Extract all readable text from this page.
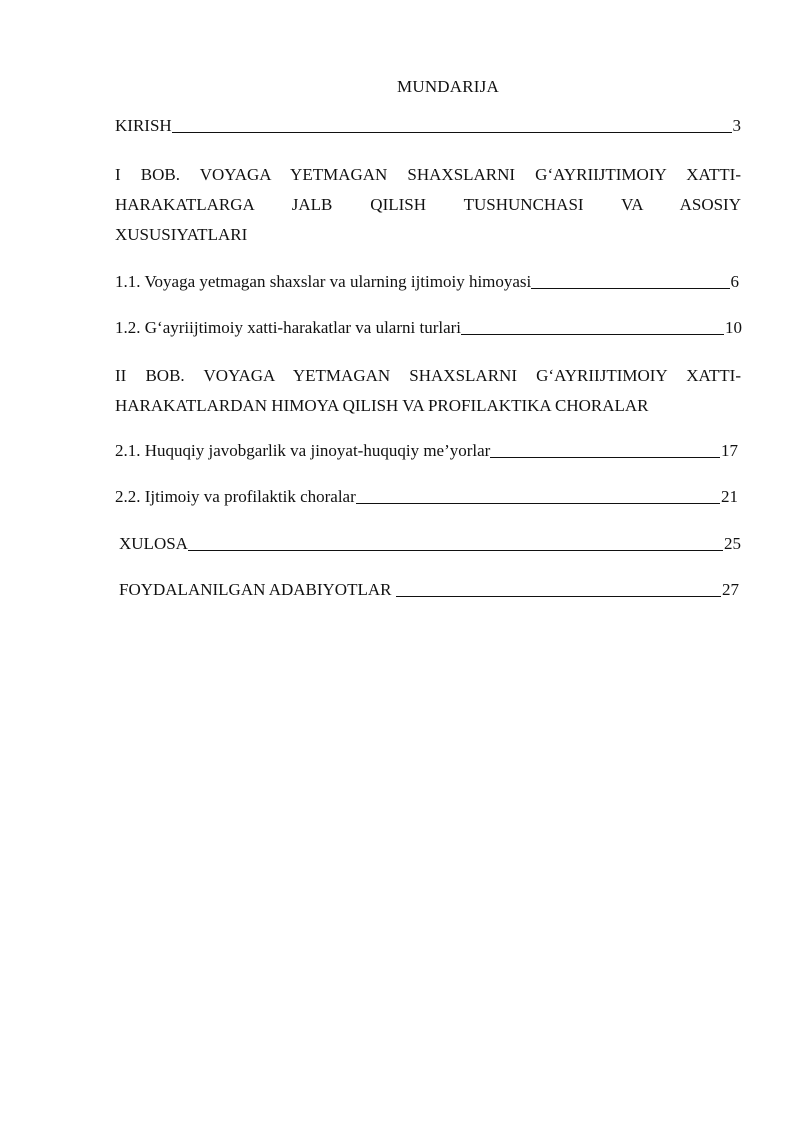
MUNDARIJA
KIRISH	3
I BOB. VOYAGA YETMAGAN SHAXSLARNI G‘AYRIIJTIMOIY XATTI-
HARAKATLARGA JALB QILISH TUSHUNCHASI VA ASOSIY
XUSUSIYATLARI
1.1. Voyaga yetmagan shaxslar va ularning ijtimoiy himoyasi	6
1.2. G‘ayriijtimoiy xatti-harakatlar va ularni turlari	10
II BOB. VOYAGA YETMAGAN SHAXSLARNI G‘AYRIIJTIMOIY XATTI-
HARAKATLARDAN HIMOYA QILISH VA PROFILAKTIKA CHORALAR
2.1. Huquqiy javobgarlik va jinoyat-huquqiy me’yorlar	17
2.2. Ijtimoiy va profilaktik choralar	21
XULOSA	25
FOYDALANILGAN ADABIYOTLAR	27
